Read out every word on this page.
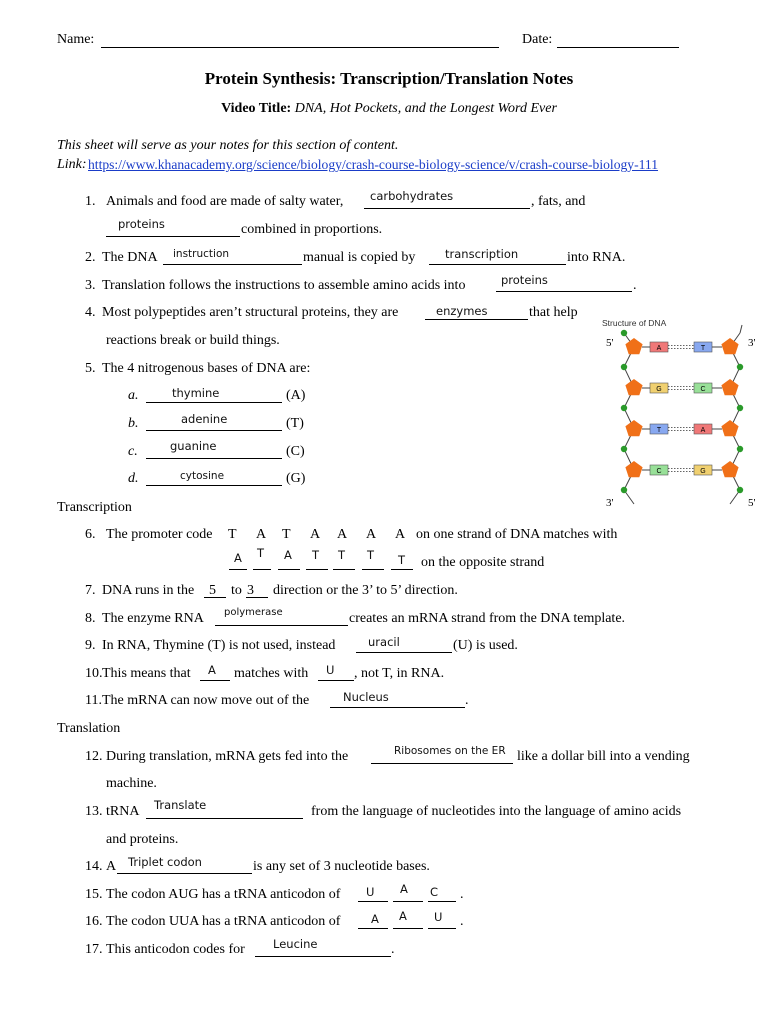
Name:	Date:
Protein Synthesis: Transcription/Translation Notes
Video Title: DNA, Hot Pockets, and the Longest Word Ever
This sheet will serve as your notes for this section of content.
Link: https://www.khanacademy.org/science/biology/crash-course-biology-science/v/crash-course-biology-111
1. Animals and food are made of salty water, carbohydrates	, fats, and
proteins	combined in proportions.
2. The DNA instruction	manual is copied by	transcription	into RNA.
3. Translation follows the instructions to assemble amino acids into	proteins	.
4. Most polypeptides aren’t structural proteins, they are	enzymes	that help
reactions break or build things.
5. The 4 nitrogenous bases of DNA are:
a.	thymine	(A)
b.	adenine	(T)
c.	guanine	(C)
d.	cytosine	(G)
Structure of DNA
5'	3'
3'	5'
A	T
G	C
T	A
C	G
Transcription
6. The promoter code T A T A A A A on one strand of DNA matches with
A T A T T T T on the opposite strand
7. DNA runs in the 5 to 3 direction or the 3’ to 5’ direction.
8. The enzyme RNA polymerase	creates an mRNA strand from the DNA template.
9. In RNA, Thymine (T) is not used, instead	uracil	(U) is used.
10. This means that A matches with U , not T, in RNA.
11. The mRNA can now move out of the	Nucleus	.
Translation
12. During translation, mRNA gets fed into the	Ribosomes on the ER like a dollar bill into a vending
machine.
13. tRNA Translate	from the language of nucleotides into the language of amino acids
and proteins.
14. A Triplet codon	is any set of 3 nucleotide bases.
15. The codon AUG has a tRNA anticodon of U A C .
16. The codon UUA has a tRNA anticodon of	A A U .
17. This anticodon codes for Leucine	.
